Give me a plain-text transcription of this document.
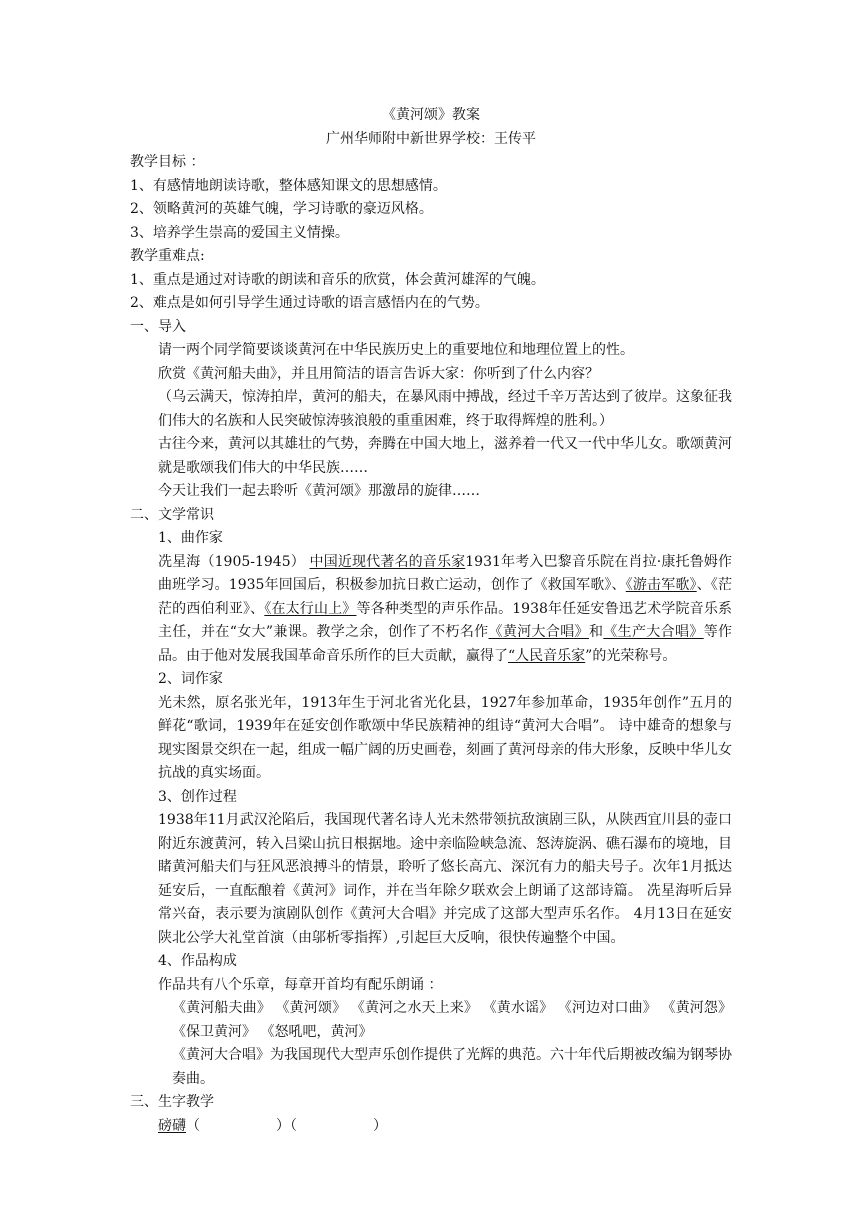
《黄河颂》教案
广州华师附中新世界学校：王传平
教学目标 ：
1、有感情地朗读诗歌，整体感知课文的思想感情。
2、领略黄河的英雄气魄，学习诗歌的豪迈风格。
3、培养学生崇高的爱国主义情操。
教学重难点:
1、重点是通过对诗歌的朗读和音乐的欣赏，体会黄河雄浑的气魄。
2、难点是如何引导学生通过诗歌的语言感悟内在的气势。
一、导入
请一两个同学简要谈谈黄河在中华民族历史上的重要地位和地理位置上的性。
欣赏《黄河船夫曲》，并且用简洁的语言告诉大家：你听到了什么内容？

（乌云满天，惊涛拍岸，黄河的船夫，在暴风雨中搏战，经过千辛万苦达到了彼岸。这象征我们伟大的名族和人民突破惊涛骇浪般的重重困难，终于取得辉煌的胜利。）

古往今来，黄河以其雄壮的气势，奔腾在中国大地上，滋养着一代又一代中华儿女。歌颂黄河就是歌颂我们伟大的中华民族……

今天让我们一起去聆听《黄河颂》那激昂的旋律……
二、文学常识
1、曲作家

冼星海（1905-1945） 中国近现代著名的音乐家1931年考入巴黎音乐院在肖拉·康托鲁姆作曲班学习。1935年回国后，积极参加抗日救亡运动，创作了《救国军歌》、《游击军歌》、《茫茫的西伯利亚》、《在太行山上》等各种类型的声乐作品。1938年任延安鲁迅艺术学院音乐系主任，并在“女大”兼课。教学之余，创作了不朽名作《黄河大合唱》和《生产大合唱》等作品。由于他对发展我国革命音乐所作的巨大贡献，赢得了“人民音乐家”的光荣称号。

2、词作家

光未然，原名张光年，1913年生于河北省光化县，1927年参加革命，1935年创作”五月的鲜花“歌词，1939年在延安创作歌颂中华民族精神的组诗“黄河大合唱”。 诗中雄奇的想象与现实图景交织在一起，组成一幅广阔的历史画卷，刻画了黄河母亲的伟大形象，反映中华儿女抗战的真实场面。

3、创作过程

1938年11月武汉沦陷后，我国现代著名诗人光未然带领抗敌演剧三队，从陕西宜川县的壶口附近东渡黄河，转入吕梁山抗日根据地。途中亲临险峡急流、怒涛旋涡、礁石瀑布的境地，目睹黄河船夫们与狂风恶浪搏斗的情景，聆听了悠长高亢、深沉有力的船夫号子。次年1月抵达延安后，一直酝酿着《黄河》词作，并在当年除夕联欢会上朗诵了这部诗篇。 冼星海听后异常兴奋，表示要为演剧队创作《黄河大合唱》并完成了这部大型声乐名作。 4月13日在延安陕北公学大礼堂首演（由邬析零指挥）,引起巨大反响，很快传遍整个中国。

4、作品构成
作品共有八个乐章，每章开首均有配乐朗诵 ：

《黄河船夫曲》 《黄河颂》 《黄河之水天上来》 《黄水谣》 《河边对口曲》 《黄河怨》 《保卫黄河》 《怒吼吧，黄河》

《黄河大合唱》为我国现代大型声乐创作提供了光辉的典范。六十年代后期被改编为钢琴协奏曲。

三、生字教学
磅礴（	）（	）
